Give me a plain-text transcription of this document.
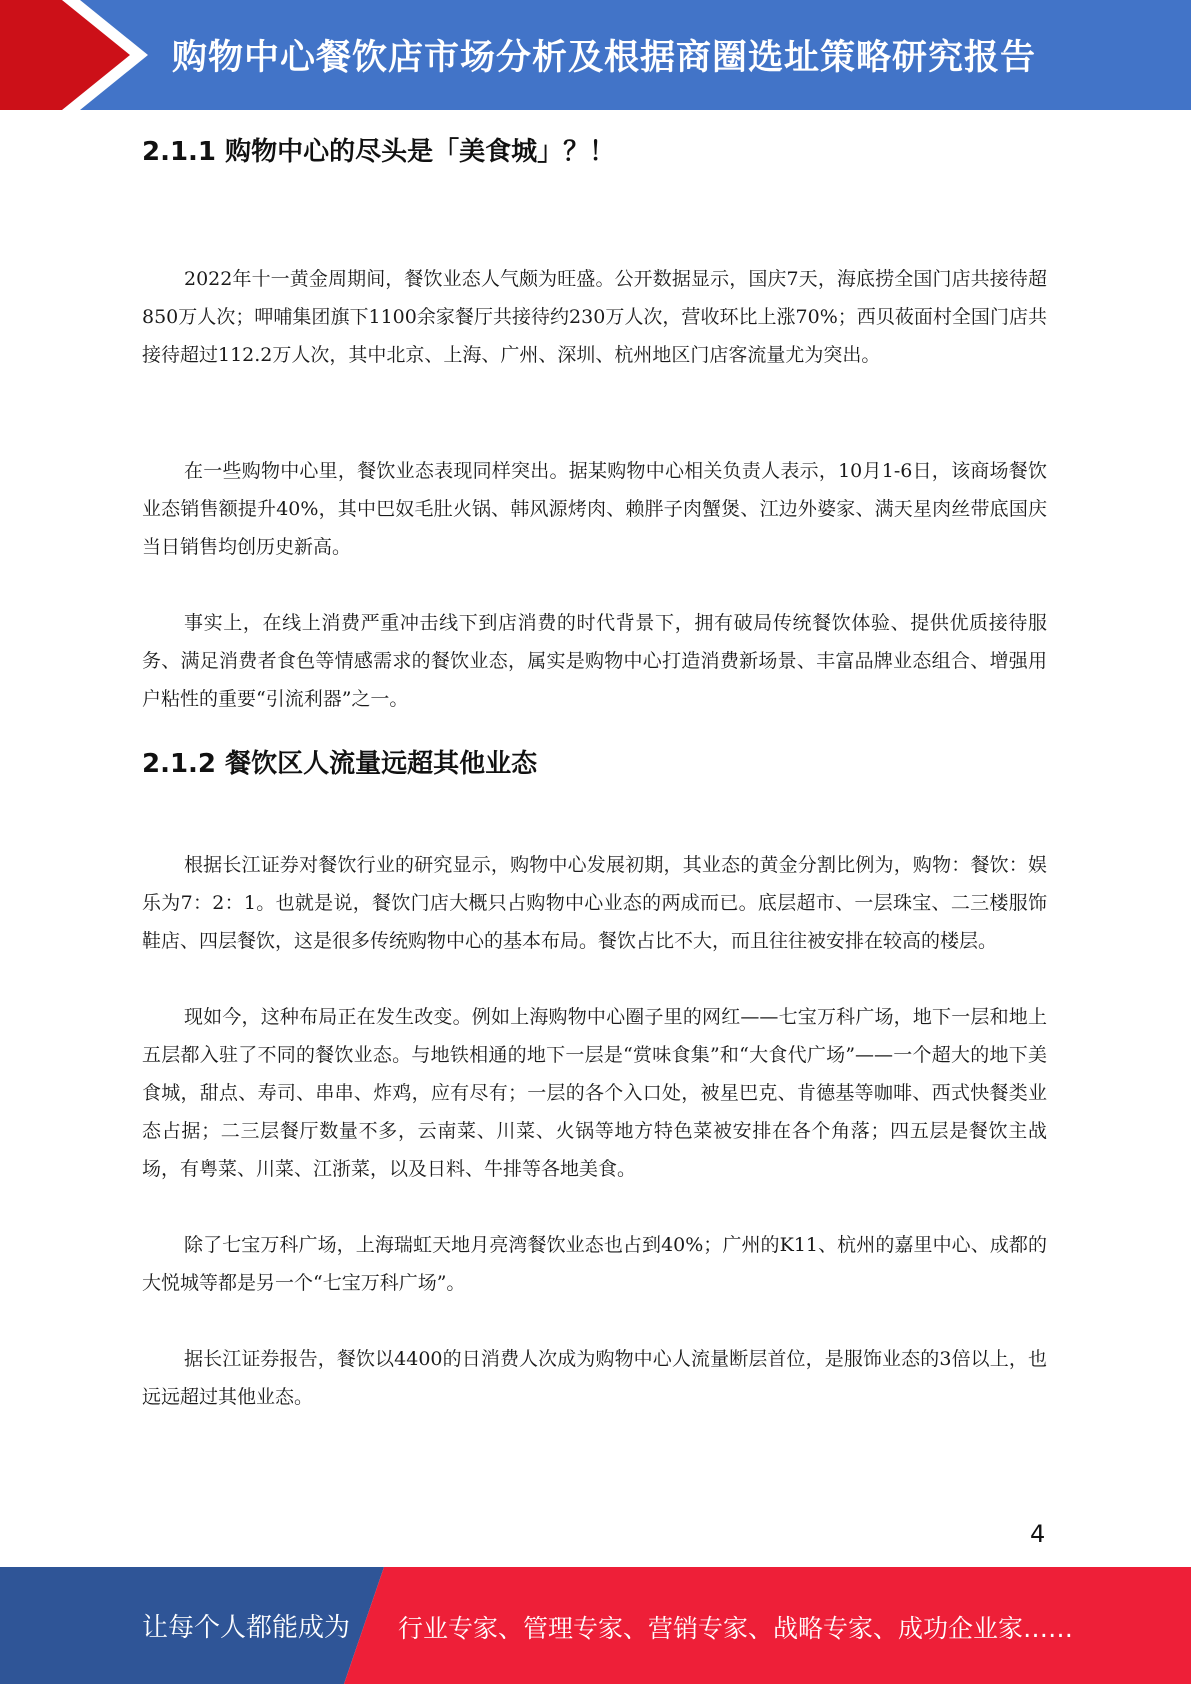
购物中心餐饮店市场分析及根据商圈选址策略研究报告
2.1.1 购物中心的尽头是「美食城」？！

2022年十一黄金周期间，餐饮业态人气颇为旺盛。公开数据显示，国庆7天，海底捞全国门店共接待超850万人次；呷哺集团旗下1100余家餐厅共接待约230万人次，营收环比上涨70%；西贝莜面村全国门店共接待超过112.2万人次，其中北京、上海、广州、深圳、杭州地区门店客流量尤为突出。

在一些购物中心里，餐饮业态表现同样突出。据某购物中心相关负责人表示，10月1-6日，该商场餐饮业态销售额提升40%，其中巴奴毛肚火锅、韩风源烤肉、赖胖子肉蟹煲、江边外婆家、满天星肉丝带底国庆当日销售均创历史新高。

事实上，在线上消费严重冲击线下到店消费的时代背景下，拥有破局传统餐饮体验、提供优质接待服务、满足消费者食色等情感需求的餐饮业态，属实是购物中心打造消费新场景、丰富品牌业态组合、增强用户粘性的重要“引流利器”之一。

2.1.2 餐饮区人流量远超其他业态

根据长江证券对餐饮行业的研究显示，购物中心发展初期，其业态的黄金分割比例为，购物：餐饮：娱乐为7：2：1。也就是说，餐饮门店大概只占购物中心业态的两成而已。底层超市、一层珠宝、二三楼服饰鞋店、四层餐饮，这是很多传统购物中心的基本布局。餐饮占比不大，而且往往被安排在较高的楼层。

现如今，这种布局正在发生改变。例如上海购物中心圈子里的网红——七宝万科广场，地下一层和地上五层都入驻了不同的餐饮业态。与地铁相通的地下一层是“赏味食集”和“大食代广场”——一个超大的地下美食城，甜点、寿司、串串、炸鸡，应有尽有；一层的各个入口处，被星巴克、肯德基等咖啡、西式快餐类业态占据；二三层餐厅数量不多，云南菜、川菜、火锅等地方特色菜被安排在各个角落；四五层是餐饮主战场，有粤菜、川菜、江浙菜，以及日料、牛排等各地美食。

除了七宝万科广场，上海瑞虹天地月亮湾餐饮业态也占到40%；广州的K11、杭州的嘉里中心、成都的大悦城等都是另一个“七宝万科广场”。

据长江证券报告，餐饮以4400的日消费人次成为购物中心人流量断层首位，是服饰业态的3倍以上，也远远超过其他业态。

4
让每个人都能成为 行业专家、管理专家、营销专家、战略专家、成功企业家……
